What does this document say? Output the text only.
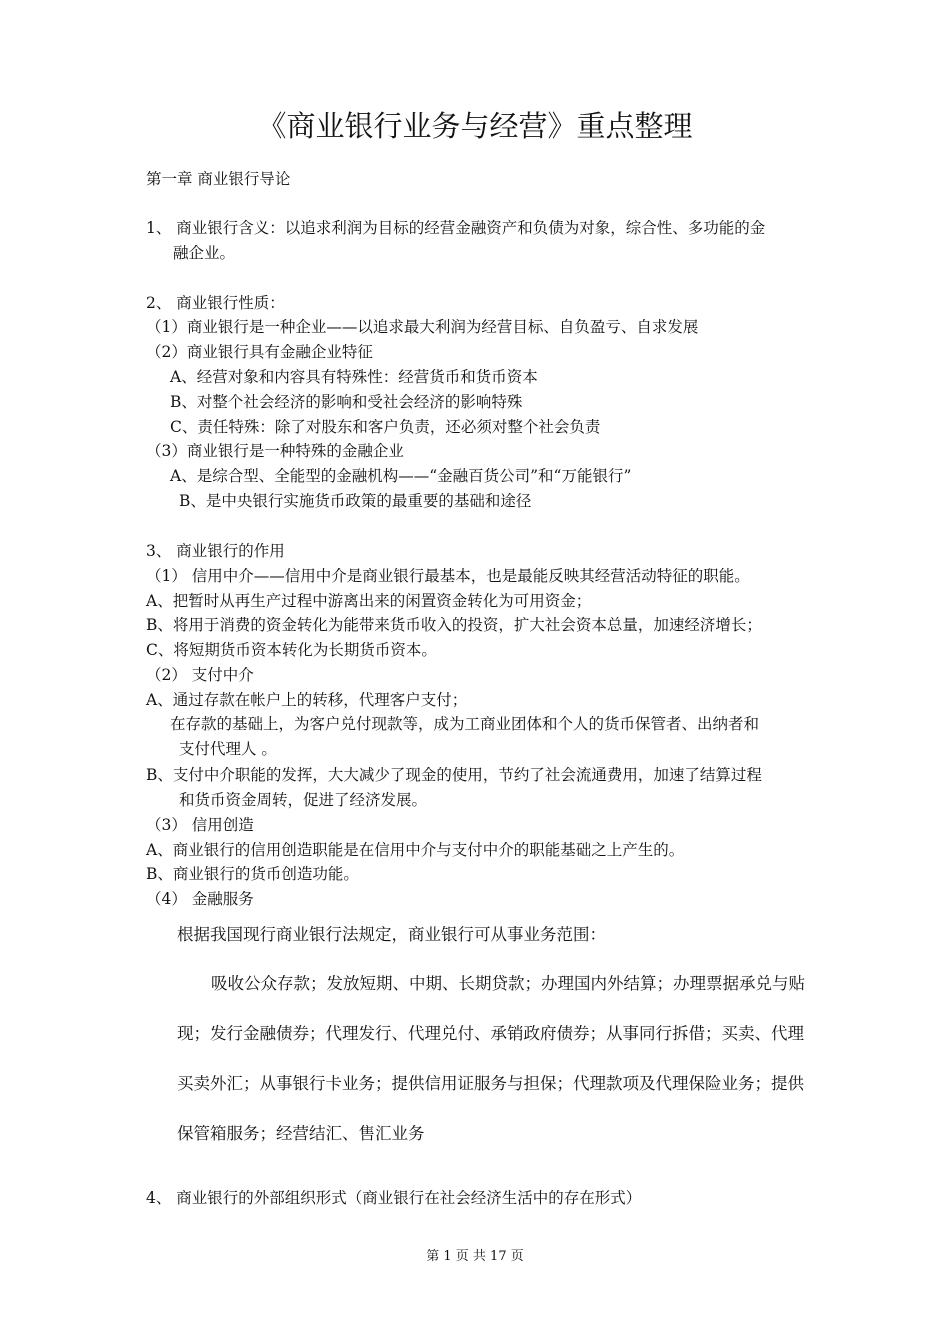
《商业银行业务与经营》重点整理
第一章 商业银行导论
1、 商业银行含义：以追求利润为目标的经营金融资产和负债为对象，综合性、多功能的金
融企业。
2、 商业银行性质：
（1）商业银行是一种企业——以追求最大利润为经营目标、自负盈亏、自求发展
（2）商业银行具有金融企业特征
A、经营对象和内容具有特殊性：经营货币和货币资本
B、对整个社会经济的影响和受社会经济的影响特殊
C、责任特殊：除了对股东和客户负责，还必须对整个社会负责
（3）商业银行是一种特殊的金融企业
A、是综合型、全能型的金融机构——“金融百货公司”和“万能银行”
B、是中央银行实施货币政策的最重要的基础和途径
3、 商业银行的作用
（1） 信用中介——信用中介是商业银行最基本，也是最能反映其经营活动特征的职能。
A、把暂时从再生产过程中游离出来的闲置资金转化为可用资金；
B、将用于消费的资金转化为能带来货币收入的投资，扩大社会资本总量，加速经济增长；
C、将短期货币资本转化为长期货币资本。
（2） 支付中介
A、通过存款在帐户上的转移，代理客户支付；
在存款的基础上，为客户兑付现款等，成为工商业团体和个人的货币保管者、出纳者和
支付代理人 。
B、支付中介职能的发挥，大大减少了现金的使用，节约了社会流通费用，加速了结算过程
和货币资金周转，促进了经济发展。
（3） 信用创造
A、商业银行的信用创造职能是在信用中介与支付中介的职能基础之上产生的。
B、商业银行的货币创造功能。
（4） 金融服务
根据我国现行商业银行法规定，商业银行可从事业务范围：
吸收公众存款；发放短期、中期、长期贷款；办理国内外结算；办理票据承兑与贴
现；发行金融债券；代理发行、代理兑付、承销政府债券；从事同行拆借；买卖、代理
买卖外汇；从事银行卡业务；提供信用证服务与担保；代理款项及代理保险业务；提供
保管箱服务；经营结汇、售汇业务
4、 商业银行的外部组织形式（商业银行在社会经济生活中的存在形式）
第 1 页 共 17 页
